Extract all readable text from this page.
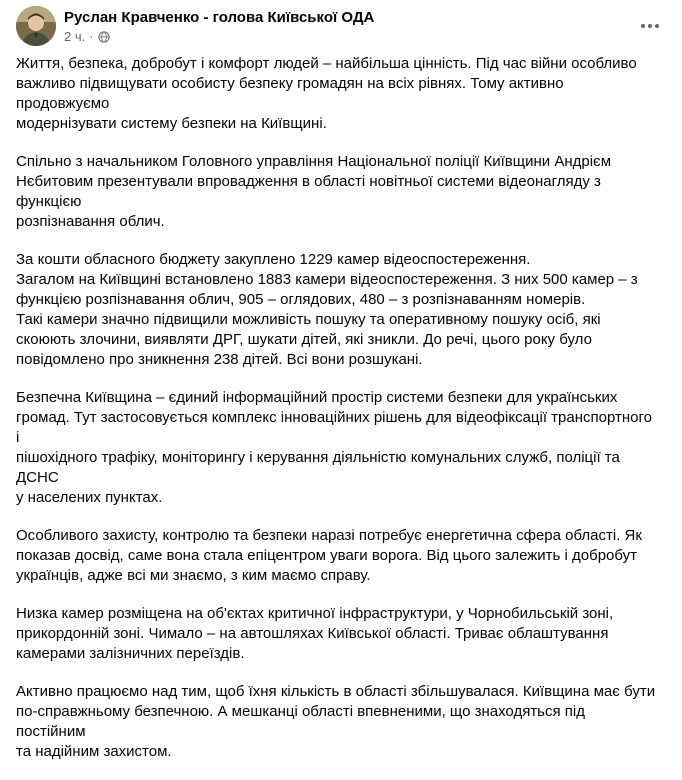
Руслан Кравченко - голова Київської ОДА
2 ч. ·

Життя, безпека, добробут і комфорт людей – найбільша цінність. Під час війни особливо
важливо підвищувати особисту безпеку громадян на всіх рівнях. Тому активно продовжуємо
модернізувати систему безпеки на Київщині.

Спільно з начальником Головного управління Національної поліції Київщини Андрієм
Нєбитовим презентували впровадження в області новітньої системи відеонагляду з функцією
розпізнавання облич.

За кошти обласного бюджету закуплено 1229 камер відеоспостереження.
Загалом на Київщині встановлено 1883 камери відеоспостереження. З них 500 камер – з
функцією розпізнавання облич, 905 – оглядових, 480 – з розпізнаванням номерів.
Такі камери значно підвищили можливість пошуку та оперативному пошуку осіб, які
скоюють злочини, виявляти ДРГ, шукати дітей, які зникли. До речі, цього року було
повідомлено про зникнення 238 дітей. Всі вони розшукані.

Безпечна Київщина – єдиний інформаційний простір системи безпеки для українських
громад. Тут застосовується комплекс інноваційних рішень для відеофіксації транспортного і
пішохідного трафіку, моніторингу і керування діяльністю комунальних служб, поліції та ДСНС
у населених пунктах.

Особливого захисту, контролю та безпеки наразі потребує енергетична сфера області. Як
показав досвід, саме вона стала епіцентром уваги ворога. Від цього залежить і добробут
українців, адже всі ми знаємо, з ким маємо справу.

Низка камер розміщена на об'єктах критичної інфраструктури, у Чорнобильській зоні,
прикордонній зоні. Чимало – на автошляхах Київської області. Триває облаштування
камерами залізничних переїздів.

Активно працюємо над тим, щоб їхня кількість в області збільшувалася. Київщина має бути
по-справжньому безпечною. А мешканці області впевненими, що знаходяться під постійним
та надійним захистом.
